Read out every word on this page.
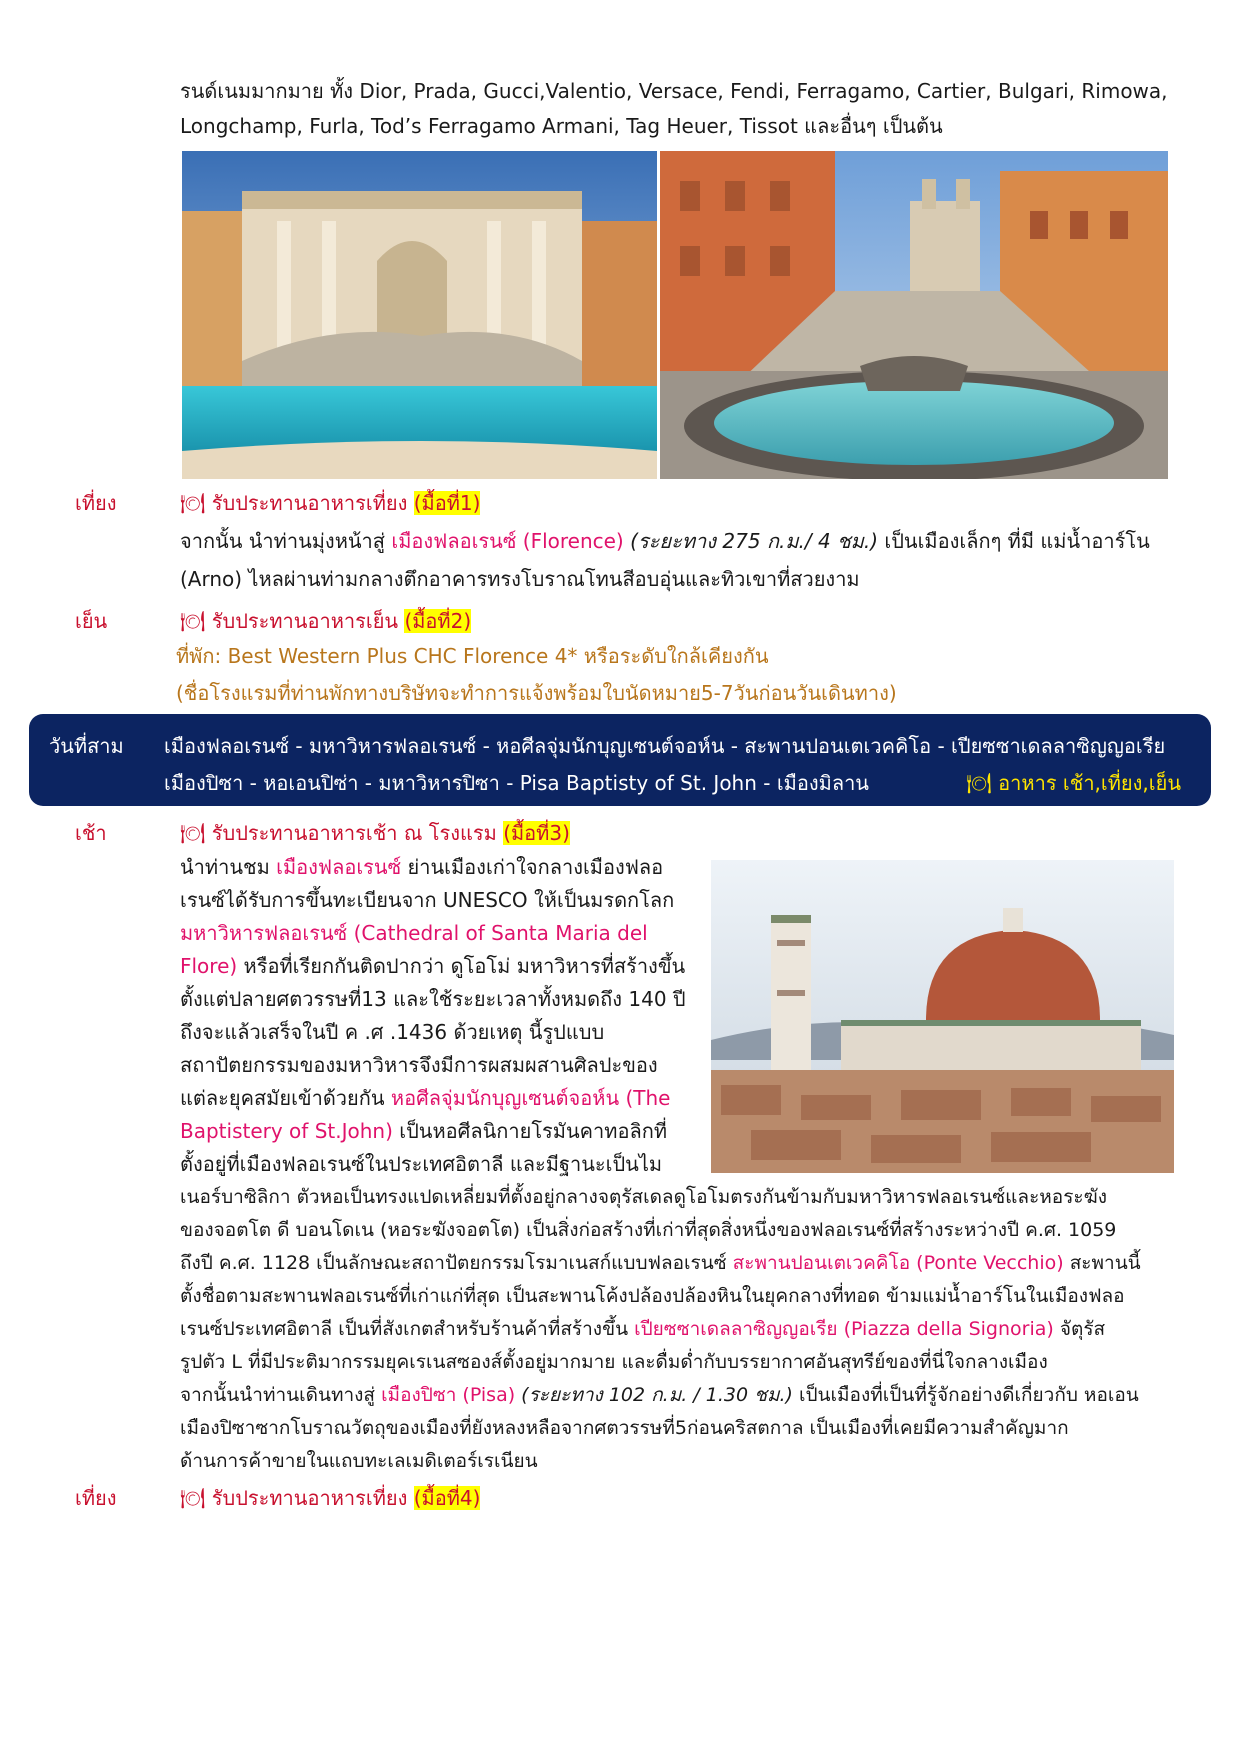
รนด์เนมมากมาย ทั้ง Dior, Prada, Gucci,Valentio, Versace, Fendi, Ferragamo, Cartier, Bulgari, Rimowa,
Longchamp, Furla, Tod’s Ferragamo Armani, Tag Heuer, Tissot และอื่นๆ เป็นต้น
เที่ยง	🍽 รับประทานอาหารเที่ยง (มื้อที่1)
จากนั้น นำท่านมุ่งหน้าสู่ เมืองฟลอเรนซ์ (Florence) (ระยะทาง 275 ก.ม./ 4 ชม.) เป็นเมืองเล็กๆ ที่มี แม่น้ำอาร์โน
(Arno) ไหลผ่านท่ามกลางตึกอาคารทรงโบราณโทนสีอบอุ่นและทิวเขาที่สวยงาม
เย็น	🍽 รับประทานอาหารเย็น (มื้อที่2)
ที่พัก: Best Western Plus CHC Florence 4* หรือระดับใกล้เคียงกัน
(ชื่อโรงแรมที่ท่านพักทางบริษัทจะทำการแจ้งพร้อมใบนัดหมาย5-7วันก่อนวันเดินทาง)
วันที่สาม เมืองฟลอเรนซ์ - มหาวิหารฟลอเรนซ์ - หอศีลจุ่มนักบุญเซนต์จอห์น - สะพานปอนเตเวคคิโอ - เปียซซาเดลลาซิญญอเรีย
เมืองปิซา - หอเอนปิซ่า - มหาวิหารปิซา - Pisa Baptisty of St. John - เมืองมิลาน	🍽 อาหาร เช้า,เที่ยง,เย็น
เช้า	🍽 รับประทานอาหารเช้า ณ โรงแรม (มื้อที่3)
นำท่านชม เมืองฟลอเรนซ์ ย่านเมืองเก่าใจกลางเมืองฟลอ
เรนซ์ได้รับการขึ้นทะเบียนจาก UNESCO ให้เป็นมรดกโลก
มหาวิหารฟลอเรนซ์ (Cathedral of Santa Maria del
Flore) หรือที่เรียกกันติดปากว่า ดูโอโม่ มหาวิหารที่สร้างขึ้น
ตั้งแต่ปลายศตวรรษที่13 และใช้ระยะเวลาทั้งหมดถึง 140 ปี
ถึงจะแล้วเสร็จในปี ค .ศ .1436 ด้วยเหตุ นี้รูปแบบ
สถาปัตยกรรมของมหาวิหารจึงมีการผสมผสานศิลปะของ
แต่ละยุคสมัยเข้าด้วยกัน หอศีลจุ่มนักบุญเซนต์จอห์น (The
Baptistery of St.John) เป็นหอศีลนิกายโรมันคาทอลิกที่
ตั้งอยู่ที่เมืองฟลอเรนซ์ในประเทศอิตาลี และมีฐานะเป็นไม
เนอร์บาซิลิกา ตัวหอเป็นทรงแปดเหลี่ยมที่ตั้งอยู่กลางจตุรัสเดลดูโอโมตรงกันข้ามกับมหาวิหารฟลอเรนซ์และหอระฆัง
ของจอตโต ดี บอนโดเน (หอระฆังจอตโต) เป็นสิ่งก่อสร้างที่เก่าที่สุดสิ่งหนึ่งของฟลอเรนซ์ที่สร้างระหว่างปี ค.ศ. 1059
ถึงปี ค.ศ. 1128 เป็นลักษณะสถาปัตยกรรมโรมาเนสก์แบบฟลอเรนซ์ สะพานปอนเตเวคคิโอ (Ponte Vecchio) สะพานนี้
ตั้งชื่อตามสะพานฟลอเรนซ์ที่เก่าแก่ที่สุด เป็นสะพานโค้งปล้องปล้องหินในยุคกลางที่ทอด ข้ามแม่น้ำอาร์โนในเมืองฟลอ
เรนซ์ประเทศอิตาลี เป็นที่สังเกตสำหรับร้านค้าที่สร้างขึ้น เปียซซาเดลลาซิญญอเรีย (Piazza della Signoria) จัตุรัส
รูปตัว L ที่มีประติมากรรมยุคเรเนสซองส์ตั้งอยู่มากมาย และดื่มด่ำกับบรรยากาศอันสุทรีย์ของที่นี่ใจกลางเมือง
จากนั้นนำท่านเดินทางสู่ เมืองปิซา (Pisa) (ระยะทาง 102 ก.ม. / 1.30 ชม.) เป็นเมืองที่เป็นที่รู้จักอย่างดีเกี่ยวกับ หอเอน
เมืองปิซาซากโบราณวัตถุของเมืองที่ยังหลงหลือจากศตวรรษที่5ก่อนคริสตกาล เป็นเมืองที่เคยมีความสำคัญมาก
ด้านการค้าขายในแถบทะเลเมดิเตอร์เรเนียน
เที่ยง	🍽 รับประทานอาหารเที่ยง (มื้อที่4)
